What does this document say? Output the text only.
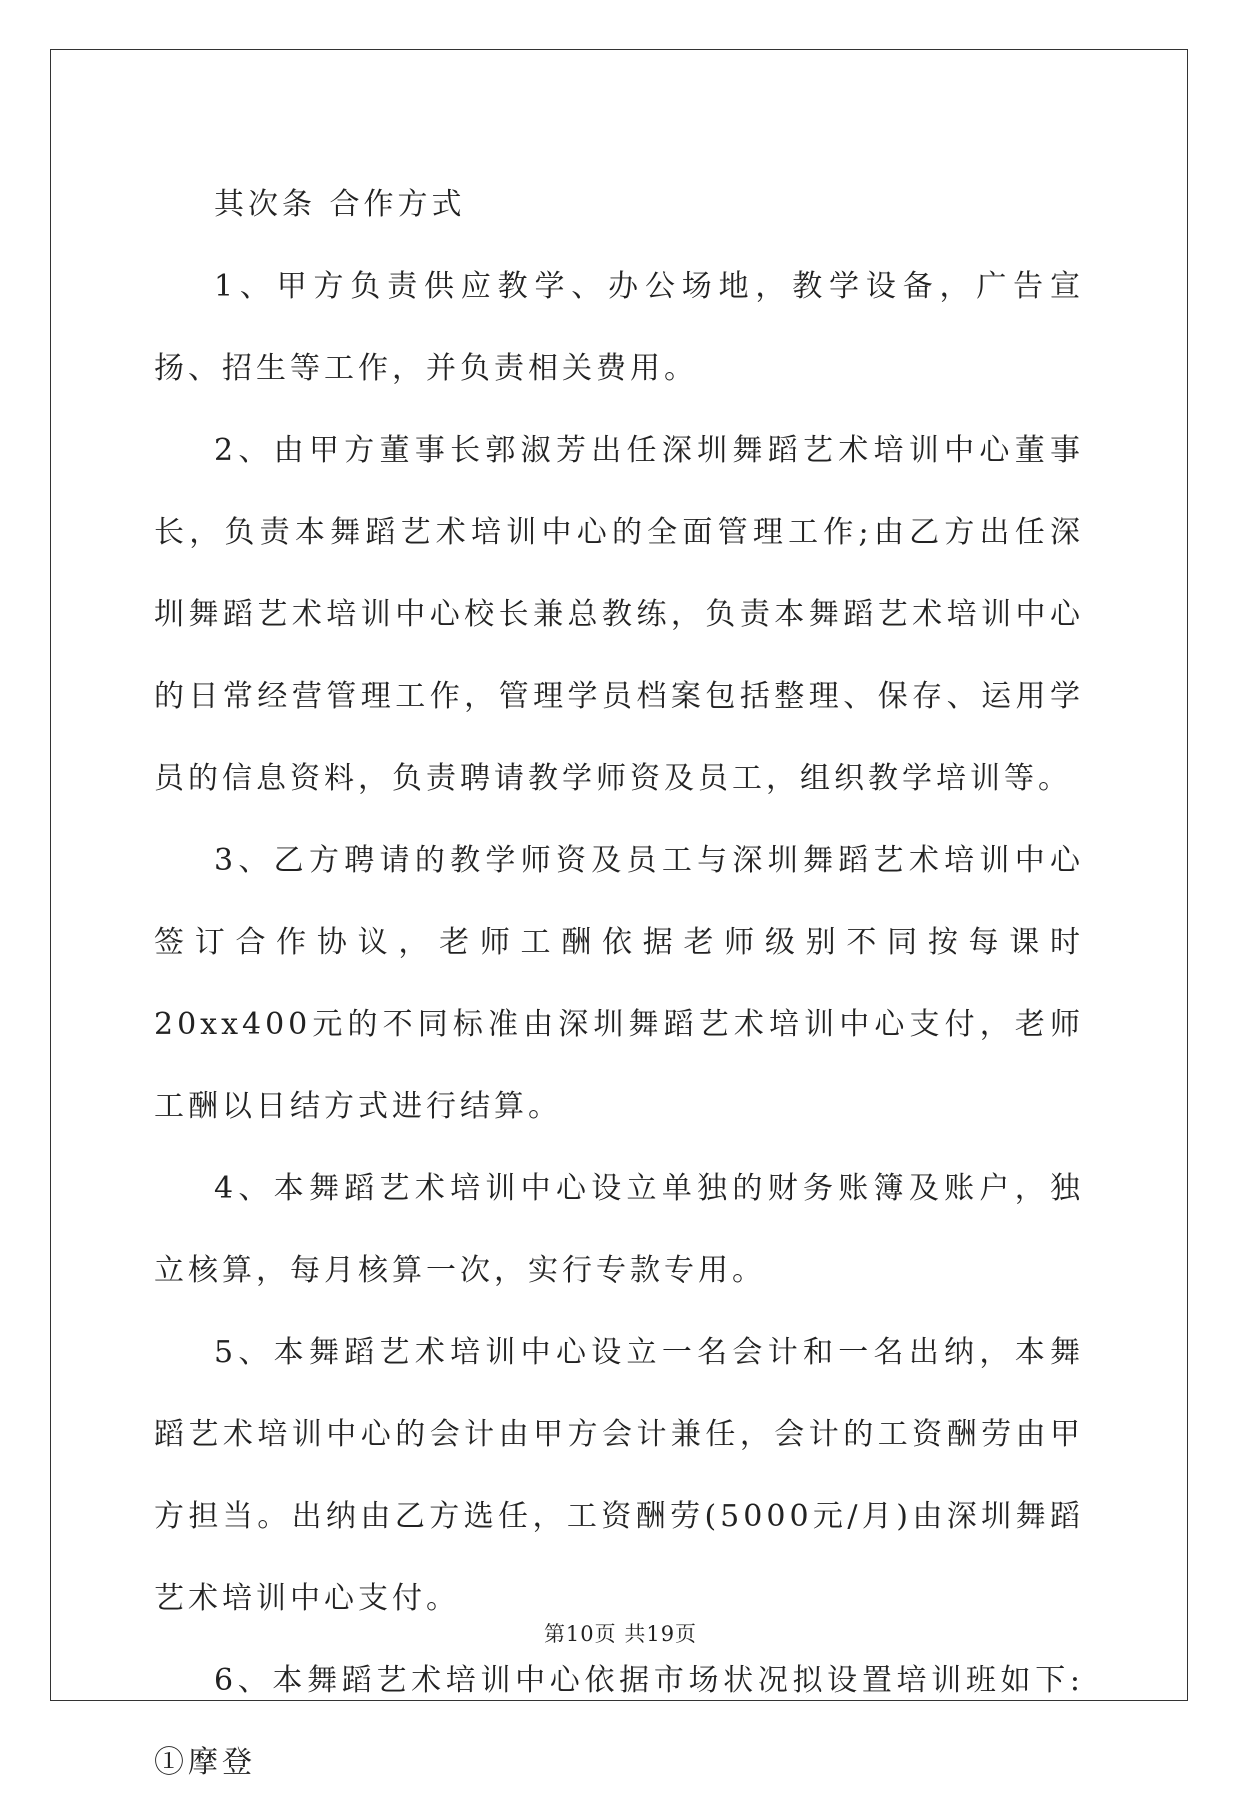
其次条 合作方式

1、甲方负责供应教学、办公场地，教学设备，广告宣扬、招生等工作，并负责相关费用。

2、由甲方董事长郭淑芳出任深圳舞蹈艺术培训中心董事长，负责本舞蹈艺术培训中心的全面管理工作;由乙方出任深圳舞蹈艺术培训中心校长兼总教练，负责本舞蹈艺术培训中心的日常经营管理工作，管理学员档案包括整理、保存、运用学员的信息资料，负责聘请教学师资及员工，组织教学培训等。

3、乙方聘请的教学师资及员工与深圳舞蹈艺术培训中心签订合作协议，老师工酬依据老师级别不同按每课时20xx400元的不同标准由深圳舞蹈艺术培训中心支付，老师工酬以日结方式进行结算。

4、本舞蹈艺术培训中心设立单独的财务账簿及账户，独立核算，每月核算一次，实行专款专用。

5、本舞蹈艺术培训中心设立一名会计和一名出纳，本舞蹈艺术培训中心的会计由甲方会计兼任，会计的工资酬劳由甲方担当。出纳由乙方选任，工资酬劳(5000元/月)由深圳舞蹈艺术培训中心支付。

6、本舞蹈艺术培训中心依据市场状况拟设置培训班如下: ①摩登

第10页 共19页
